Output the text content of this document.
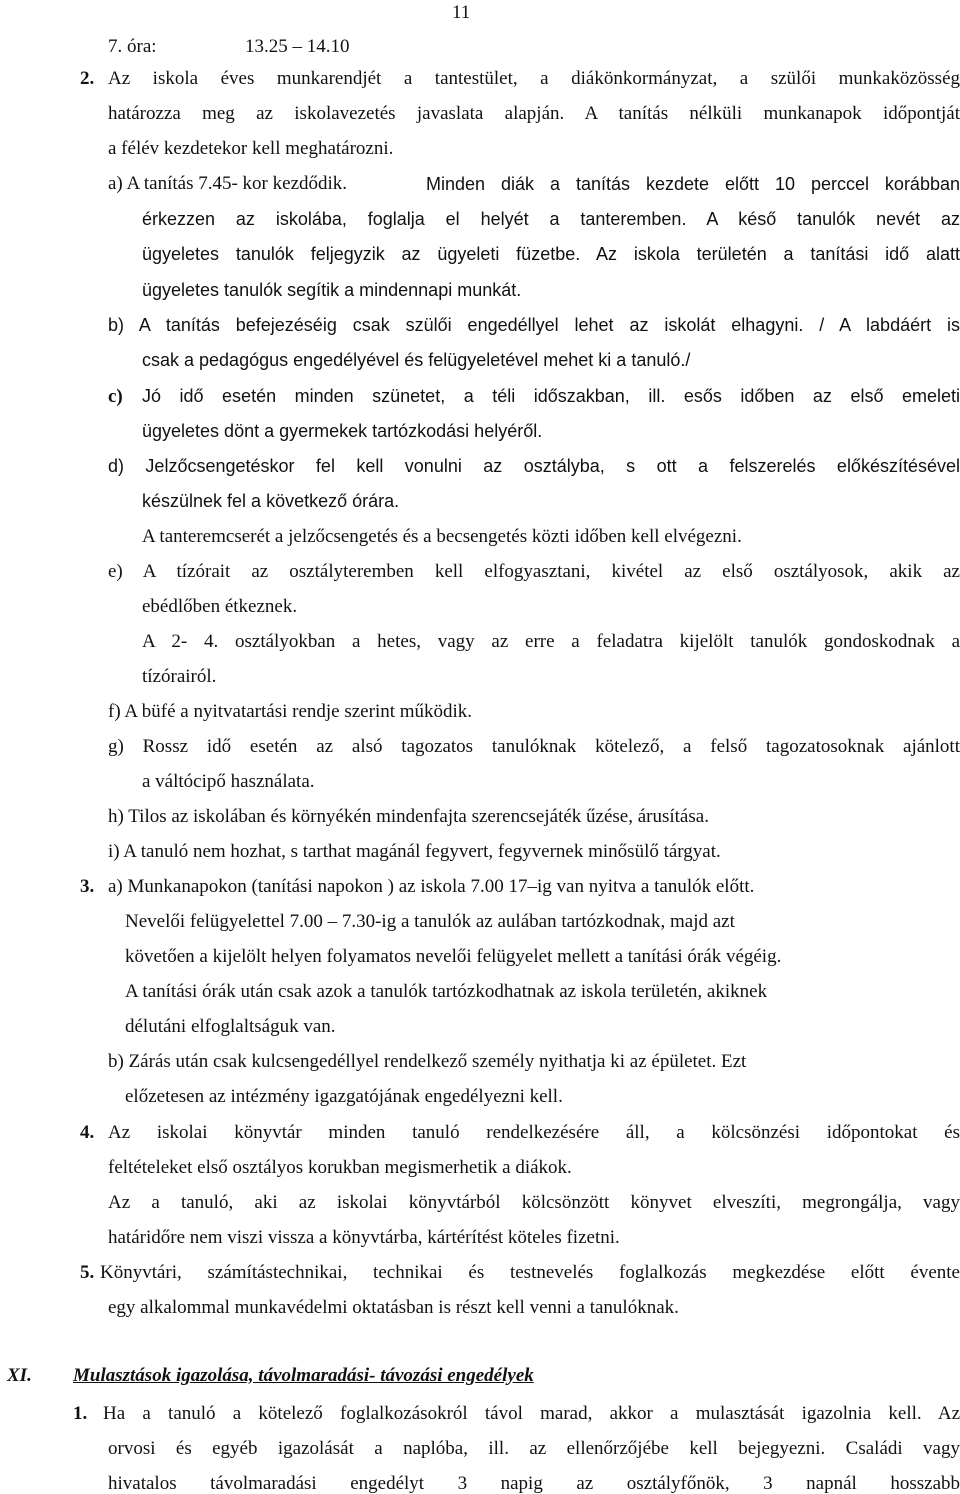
11
7. óra:	13.25 – 14.10
2. Az iskola éves munkarendjét a tantestület, a diákönkormányzat, a szülői munkaközösség
határozza meg az iskolavezetés javaslata alapján. A tanítás nélküli munkanapok időpontját
a félév kezdetekor kell meghatározni.
a) A tanítás 7.45- kor kezdődik.	Minden diák a tanítás kezdete előtt 10 perccel korábban
érkezzen az iskolába, foglalja el helyét a tanteremben. A késő tanulók nevét az
ügyeletes tanulók feljegyzik az ügyeleti füzetbe. Az iskola területén a tanítási idő alatt
ügyeletes tanulók segítik a mindennapi munkát.
b) A tanítás befejezéséig csak szülői engedéllyel lehet az iskolát elhagyni. / A labdáért is
csak a pedagógus engedélyével és felügyeletével mehet ki a tanuló./
c) Jó idő esetén minden szünetet, a téli időszakban, ill. esős időben az első emeleti
ügyeletes dönt a gyermekek tartózkodási helyéről.
d) Jelzőcsengetéskor fel kell vonulni az osztályba, s ott a felszerelés előkészítésével
készülnek fel a következő órára.
A tanteremcserét a jelzőcsengetés és a becsengetés közti időben kell elvégezni.
e) A tízórait az osztályteremben kell elfogyasztani, kivétel az első osztályosok, akik az
ebédlőben étkeznek.
A 2- 4. osztályokban a hetes, vagy az erre a feladatra kijelölt tanulók gondoskodnak a
tízórairól.
f) A büfé a nyitvatartási rendje szerint működik.
g) Rossz idő esetén az alsó tagozatos tanulóknak kötelező, a felső tagozatosoknak ajánlott
a váltócipő használata.
h) Tilos az iskolában és környékén mindenfajta szerencsejáték űzése, árusítása.
i) A tanuló nem hozhat, s tarthat magánál fegyvert, fegyvernek minősülő tárgyat.
3. a) Munkanapokon (tanítási napokon ) az iskola 7.00 17–ig van nyitva a tanulók előtt.
Nevelői felügyelettel 7.00 – 7.30-ig a tanulók az aulában tartózkodnak, majd azt
követően a kijelölt helyen folyamatos nevelői felügyelet mellett a tanítási órák végéig.
A tanítási órák után csak azok a tanulók tartózkodhatnak az iskola területén, akiknek
délutáni elfoglaltságuk van.
b) Zárás után csak kulcsengedéllyel rendelkező személy nyithatja ki az épületet. Ezt
előzetesen az intézmény igazgatójának engedélyezni kell.
4. Az iskolai könyvtár minden tanuló rendelkezésére áll, a kölcsönzési időpontokat és
feltételeket első osztályos korukban megismerhetik a diákok.
Az a tanuló, aki az iskolai könyvtárból kölcsönzött könyvet elveszíti, megrongálja, vagy
határidőre nem viszi vissza a könyvtárba, kártérítést köteles fizetni.
5. Könyvtári, számítástechnikai, technikai és testnevelés foglalkozás megkezdése előtt évente
egy alkalommal munkavédelmi oktatásban is részt kell venni a tanulóknak.
XI. Mulasztások igazolása, távolmaradási- távozási engedélyek
1. Ha a tanuló a kötelező foglalkozásokról távol marad, akkor a mulasztását igazolnia kell. Az
orvosi és egyéb igazolását a naplóba, ill. az ellenőrzőjébe kell bejegyezni. Családi vagy
hivatalos távolmaradási engedélyt 3 napig az osztályfőnök, 3 napnál hosszabb
